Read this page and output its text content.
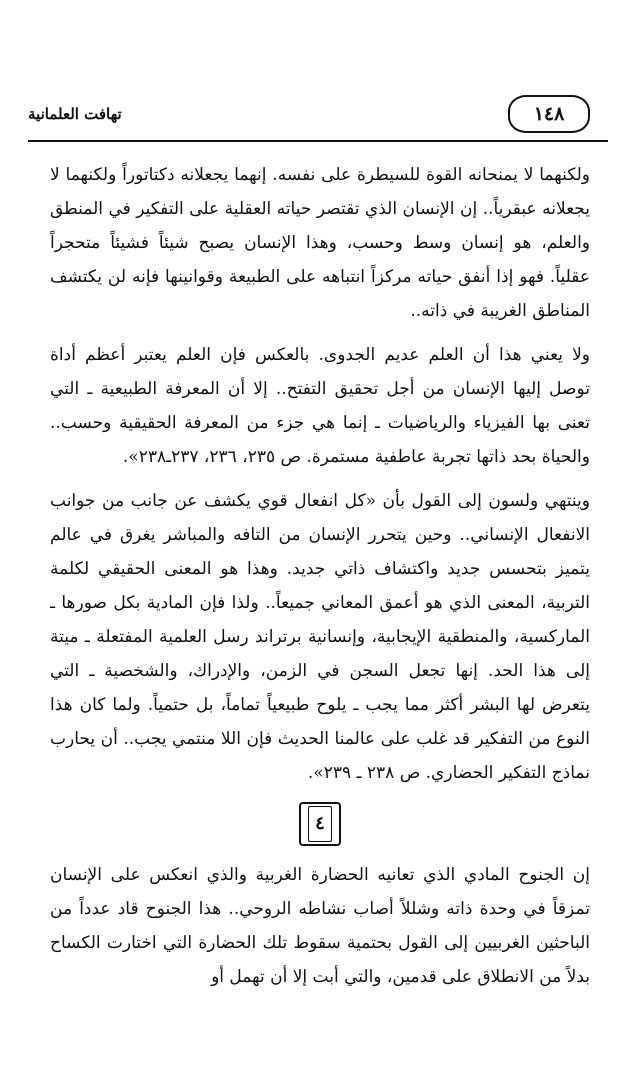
١٤٨
تهافت العلمانية

ولكنهما لا يمنحانه القوة للسيطرة على نفسه. إنهما يجعلانه دكتاتوراً ولكنهما لا يجعلانه عبقرياً.. إن الإنسان الذي تقتصر حياته العقلية على التفكير في المنطق والعلم، هو إنسان وسط وحسب، وهذا الإنسان يصبح شيئاً فشيئاً متحجراً عقلياً. فهو إذا أنفق حياته مركزاً انتباهه على الطبيعة وقوانينها فإنه لن يكتشف المناطق الغريبة في ذاته..

ولا يعني هذا أن العلم عديم الجدوى. بالعكس فإن العلم يعتبر أعظم أداة توصل إليها الإنسان من أجل تحقيق التفتح.. إلا أن المعرفة الطبيعية ـ التي تعنى بها الفيزياء والرياضيات ـ إنما هي جزء من المعرفة الحقيقية وحسب.. والحياة بحد ذاتها تجربة عاطفية مستمرة. ص ٢٣٥، ٢٣٦، ٢٣٧ـ٢٣٨».

وينتهي ولسون إلى القول بأن «كل انفعال قوي يكشف عن جانب من جوانب الانفعال الإنساني.. وحين يتحرر الإنسان من التافه والمباشر يغرق في عالم يتميز بتحسس جديد واكتشاف ذاتي جديد. وهذا هو المعنى الحقيقي لكلمة التربية، المعنى الذي هو أعمق المعاني جميعاً.. ولذا فإن المادية بكل صورها ـ الماركسية، والمنطقية الإيجابية، وإنسانية برتراند رسل العلمية المفتعلة ـ ميتة إلى هذا الحد. إنها تجعل السجن في الزمن، والإدراك، والشخصية ـ التي يتعرض لها البشر أكثر مما يجب ـ يلوح طبيعياً تماماً، بل حتمياً. ولما كان هذا النوع من التفكير قد غلب على عالمنا الحديث فإن اللا منتمي يجب.. أن يحارب نماذج التفكير الحضاري. ص ٢٣٨ ـ ٢٣٩».

٤

إن الجنوح المادي الذي تعانيه الحضارة الغربية والذي انعكس على الإنسان تمزقاً في وحدة ذاته وشللاً أصاب نشاطه الروحي.. هذا الجنوح قاد عدداً من الباحثين الغربيين إلى القول بحتمية سقوط تلك الحضارة التي اختارت الكساح بدلاً من الانطلاق على قدمين، والتي أبت إلا أن تهمل أو
